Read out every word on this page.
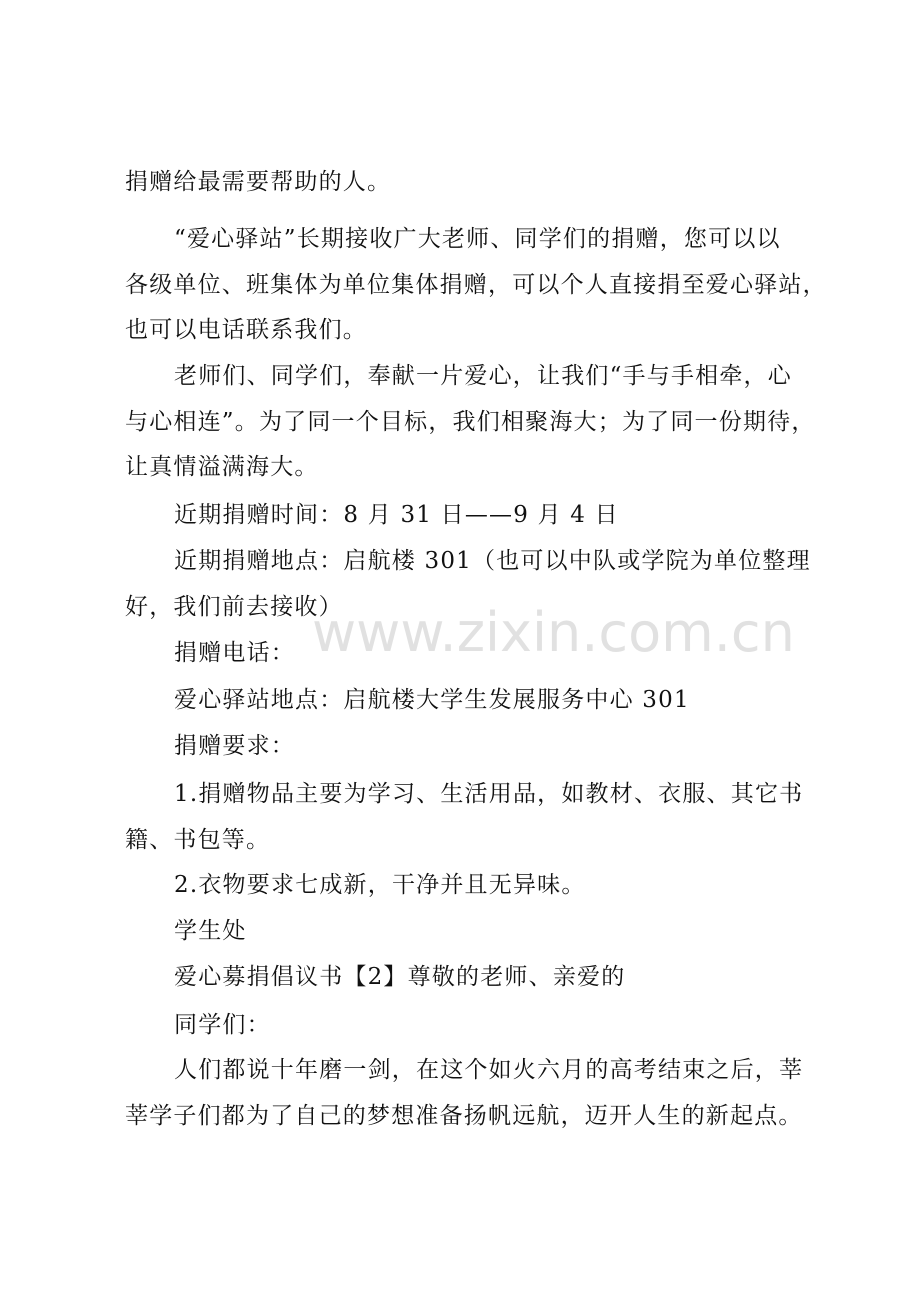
捐赠给最需要帮助的人。
“爱心驿站”长期接收广大老师、同学们的捐赠，您可以以
各级单位、班集体为单位集体捐赠，可以个人直接捐至爱心驿站，
也可以电话联系我们。
老师们、同学们，奉献一片爱心，让我们“手与手相牵，心
与心相连”。为了同一个目标，我们相聚海大；为了同一份期待，
让真情溢满海大。
近期捐赠时间：8 月 31 日——9 月 4 日
近期捐赠地点：启航楼 301（也可以中队或学院为单位整理
好，我们前去接收）
捐赠电话：
爱心驿站地点：启航楼大学生发展服务中心 301
捐赠要求：
1.捐赠物品主要为学习、生活用品，如教材、衣服、其它书
籍、书包等。
2.衣物要求七成新，干净并且无异味。
学生处
爱心募捐倡议书【2】尊敬的老师、亲爱的
同学们：
人们都说十年磨一剑，在这个如火六月的高考结束之后，莘
莘学子们都为了自己的梦想准备扬帆远航，迈开人生的新起点。
www.zixin.com.cn
